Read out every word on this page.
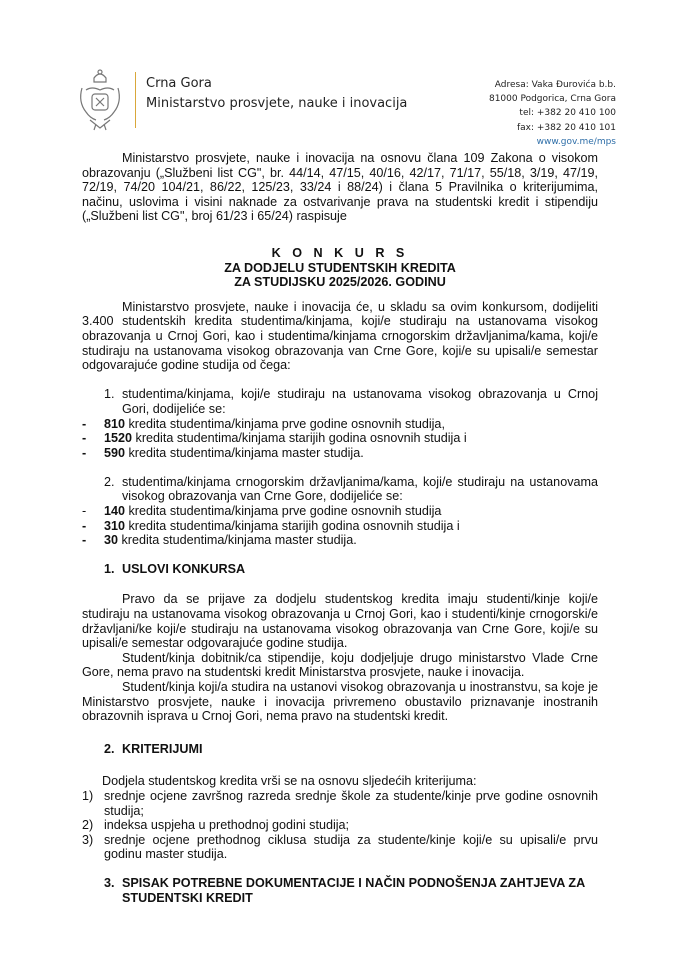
Crna Gora
Ministarstvo prosvjete, nauke i inovacija
Adresa: Vaka Đurovića b.b.
81000 Podgorica, Crna Gora
tel: +382 20 410 100
fax: +382 20 410 101
www.gov.me/mps

Ministarstvo prosvjete, nauke i inovacija na osnovu člana 109 Zakona o visokom obrazovanju („Službeni list CG", br. 44/14, 47/15, 40/16, 42/17, 71/17, 55/18, 3/19, 47/19, 72/19, 74/20 104/21, 86/22, 125/23, 33/24 i 88/24) i člana 5 Pravilnika o kriterijumima, načinu, uslovima i visini naknade za ostvarivanje prava na studentski kredit i stipendiju („Službeni list CG", broj 61/23 i 65/24) raspisuje

K O N K U R S
ZA DODJELU STUDENTSKIH KREDITA
ZA STUDIJSKU 2025/2026. GODINU

Ministarstvo prosvjete, nauke i inovacija će, u skladu sa ovim konkursom, dodijeliti 3.400 studentskih kredita studentima/kinjama, koji/e studiraju na ustanovama visokog obrazovanja u Crnoj Gori, kao i studentima/kinjama crnogorskim državljanima/kama, koji/e studiraju na ustanovama visokog obrazovanja van Crne Gore, koji/e su upisali/e semestar odgovarajuće godine studija od čega:

1. studentima/kinjama, koji/e studiraju na ustanovama visokog obrazovanja u Crnoj Gori, dodijeliće se:
-	810 kredita studentima/kinjama prve godine osnovnih studija,
-	1520 kredita studentima/kinjama starijih godina osnovnih studija i
-	590 kredita studentima/kinjama master studija.
2. studentima/kinjama crnogorskim državljanima/kama, koji/e studiraju na ustanovama visokog obrazovanja van Crne Gore, dodijeliće se:
-	140 kredita studentima/kinjama prve godine osnovnih studija
-	310 kredita studentima/kinjama starijih godina osnovnih studija i
-	30 kredita studentima/kinjama master studija.
1. USLOVI KONKURSA

Pravo da se prijave za dodjelu studentskog kredita imaju studenti/kinje koji/e studiraju na ustanovama visokog obrazovanja u Crnoj Gori, kao i studenti/kinje crnogorski/e državljani/ke koji/e studiraju na ustanovama visokog obrazovanja van Crne Gore, koji/e su upisali/e semestar odgovarajuće godine studija.

Student/kinja dobitnik/ca stipendije, koju dodjeljuje drugo ministarstvo Vlade Crne Gore, nema pravo na studentski kredit Ministarstva prosvjete, nauke i inovacija.

Student/kinja koji/a studira na ustanovi visokog obrazovanja u inostranstvu, sa koje je Ministarstvo prosvjete, nauke i inovacija privremeno obustavilo priznavanje inostranih obrazovnih isprava u Crnoj Gori, nema pravo na studentski kredit.

2. KRITERIJUMI

Dodjela studentskog kredita vrši se na osnovu sljedećih kriterijuma:

1) srednje ocjene završnog razreda srednje škole za studente/kinje prve godine osnovnih studija;
2) indeksa uspjeha u prethodnoj godini studija;
3) srednje ocjene prethodnog ciklusa studija za studente/kinje koji/e su upisali/e prvu godinu master studija.
3. SPISAK POTREBNE DOKUMENTACIJE I NAČIN PODNOŠENJA ZAHTJEVA ZA STUDENTSKI KREDIT
